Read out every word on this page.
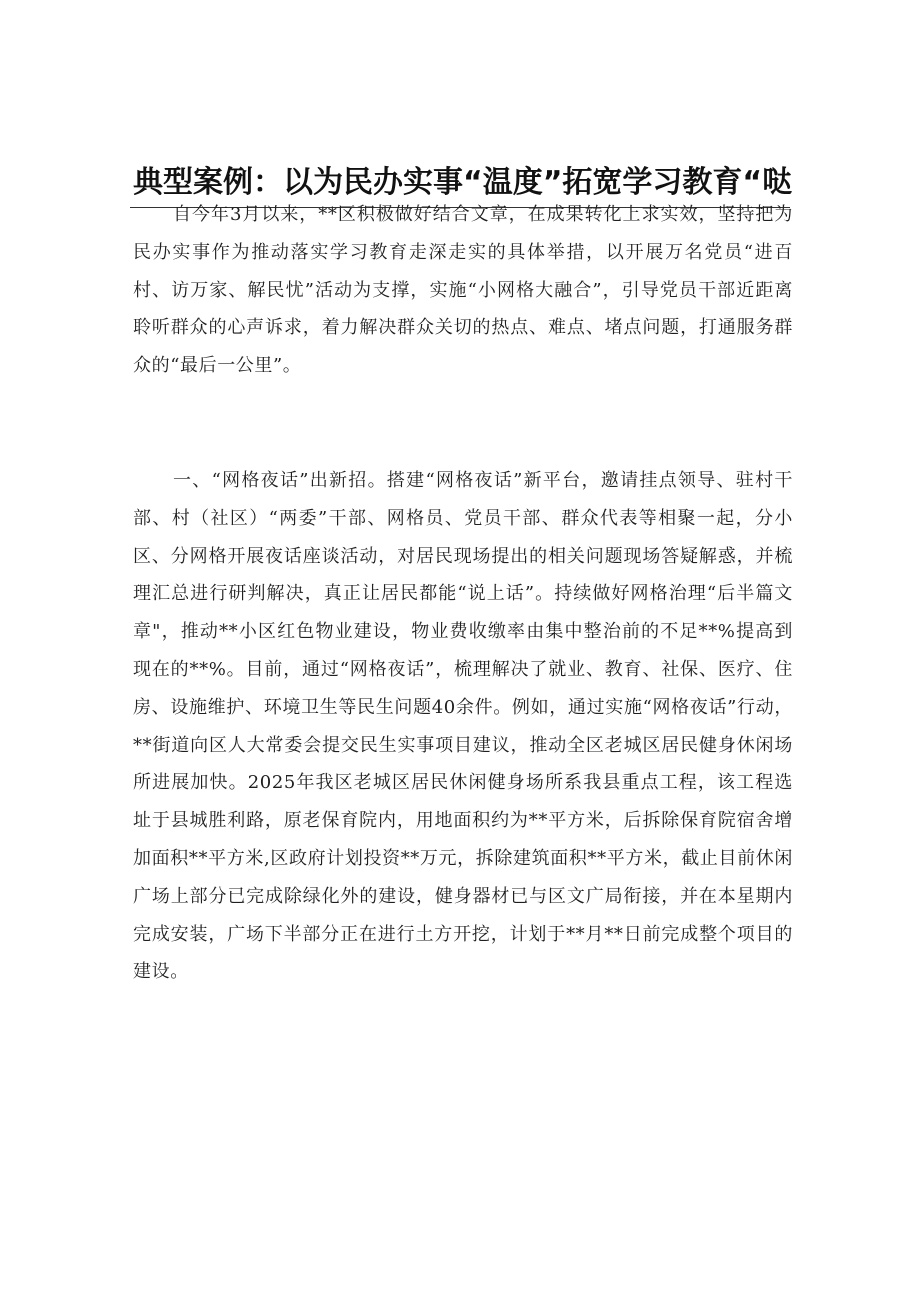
典型案例：以为民办实事“温度”拓宽学习教育“哒

自今年3月以来，**区积极做好结合文章，在成果转化上求实效，坚持把为民办实事作为推动落实学习教育走深走实的具体举措，以开展万名党员“进百村、访万家、解民忧”活动为支撑，实施“小网格大融合”，引导党员干部近距离聆听群众的心声诉求，着力解决群众关切的热点、难点、堵点问题，打通服务群众的“最后一公里”。

一、“网格夜话”出新招。搭建“网格夜话”新平台，邀请挂点领导、驻村干部、村（社区）“两委”干部、网格员、党员干部、群众代表等相聚一起，分小区、分网格开展夜话座谈活动，对居民现场提出的相关问题现场答疑解惑，并梳理汇总进行研判解决，真正让居民都能“说上话”。持续做好网格治理“后半篇文章"，推动**小区红色物业建设，物业费收缴率由集中整治前的不足**%提高到现在的**%。目前，通过“网格夜话”，梳理解决了就业、教育、社保、医疗、住房、设施维护、环境卫生等民生问题40余件。例如，通过实施“网格夜话”行动，**街道向区人大常委会提交民生实事项目建议，推动全区老城区居民健身休闲场所进展加快。2025年我区老城区居民休闲健身场所系我县重点工程，该工程选址于县城胜利路，原老保育院内，用地面积约为**平方米，后拆除保育院宿舍增加面积**平方米,区政府计划投资**万元，拆除建筑面积**平方米，截止目前休闲广场上部分已完成除绿化外的建设，健身器材已与区文广局衔接，并在本星期内完成安装，广场下半部分正在进行土方开挖，计划于**月**日前完成整个项目的建设。
